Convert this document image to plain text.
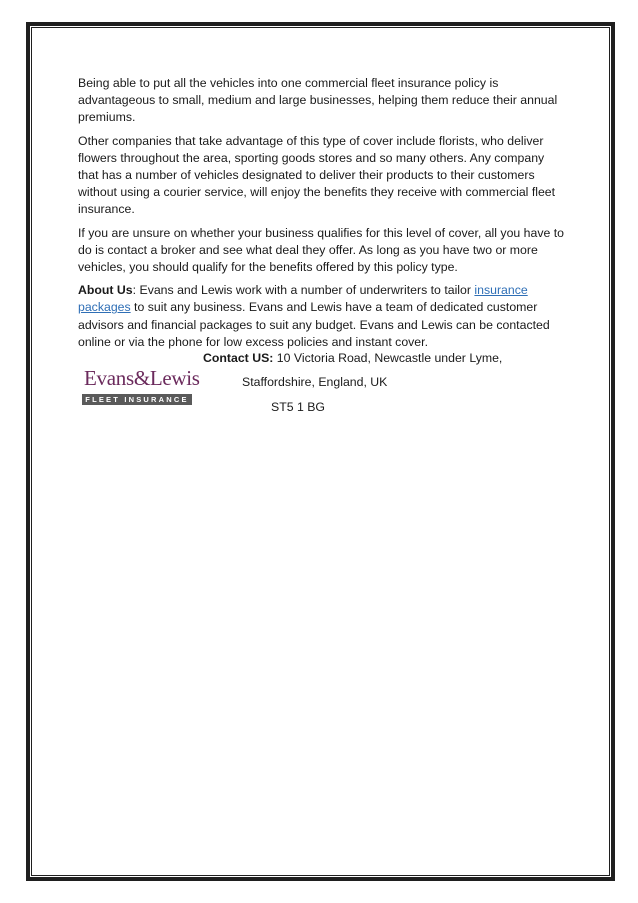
Being able to put all the vehicles into one commercial fleet insurance policy is advantageous to small, medium and large businesses, helping them reduce their annual premiums.

Other companies that take advantage of this type of cover include florists, who deliver flowers throughout the area, sporting goods stores and so many others. Any company that has a number of vehicles designated to deliver their products to their customers without using a courier service, will enjoy the benefits they receive with commercial fleet insurance.

If you are unsure on whether your business qualifies for this level of cover, all you have to do is contact a broker and see what deal they offer. As long as you have two or more vehicles, you should qualify for the benefits offered by this policy type.

About Us: Evans and Lewis work with a number of underwriters to tailor insurance packages to suit any business. Evans and Lewis have a team of dedicated customer advisors and financial packages to suit any budget. Evans and Lewis can be contacted online or via the phone for low excess policies and instant cover.

Contact US: 10 Victoria Road, Newcastle under Lyme,
Staffordshire, England, UK
ST5 1 BG
Evans&Lewis
FLEET INSURANCE
